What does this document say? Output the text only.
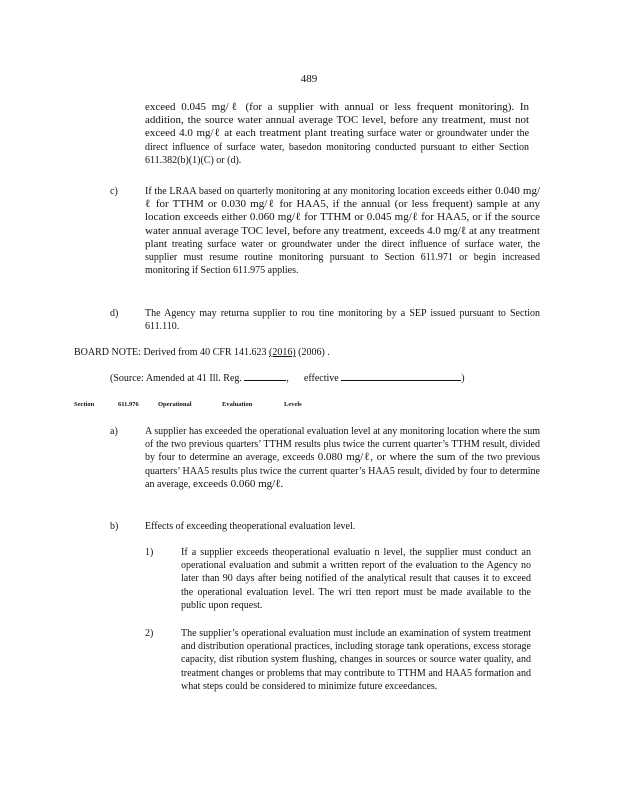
489
exceed 0.045 mg/ℓ (for a supplier with annual or less frequent monitoring). In addition, the source water annual average TOC level, before any treatment, must not exceed 4.0 mg/ℓ at each treatment plant treating surface water or groundwater under the direct influence of surface water, basedon monitoring conducted pursuant to either Section 611.382(b)(1)(C) or (d).
c)	If the LRAA based on quarterly monitoring at any monitoring location exceeds either 0.040 mg/ℓ for TTHM or 0.030 mg/ℓ for HAA5, if the annual (or less frequent) sample at any location exceeds either 0.060 mg/ℓ for TTHM or 0.045 mg/ℓ for HAA5, or if the source water annual average TOC level, before any treatment, exceeds 4.0 mg/ℓ at any treatment plant treating surface water or groundwater under the direct influence of surface water, the supplier must resume routine monitoring pursuant to Section 611.971 or begin increased monitoring if Section 611.975 applies.
d)	The Agency may returna supplier to rou tine monitoring by a SEP issued pursuant to Section 611.110.
BOARD NOTE: Derived from 40 CFR 141.623 (2016) (2006) .
(Source: Amended at 41 Ill. Reg.	, effective	)
Section	611.976	Operational	Evaluation	Levels
a)	A supplier has exceeded the operational evaluation level at any monitoring location where the sum of the two previous quarters’ TTHM results plus twice the current quarter’s TTHM result, divided by four to determine an average, exceeds 0.080 mg/ℓ, or where the sum of the two previous quarters’ HAA5 results plus twice the current quarter’s HAA5 result, divided by four to determine an average, exceeds 0.060 mg/ℓ.
b)	Effects of exceeding theoperational evaluation level.
1)	If a supplier exceeds theoperational evaluatio n level, the supplier must conduct an operational evaluation and submit a written report of the evaluation to the Agency no later than 90 days after being notified of the analytical result that causes it to exceed the operational evaluation level. The wri tten report must be made available to the public upon request.
2)	The supplier’s operational evaluation must include an examination of system treatment and distribution operational practices, including storage tank operations, excess storage capacity, dist ribution system flushing, changes in sources or source water quality, and treatment changes or problems that may contribute to TTHM and HAA5 formation and what steps could be considered to minimize future exceedances.
